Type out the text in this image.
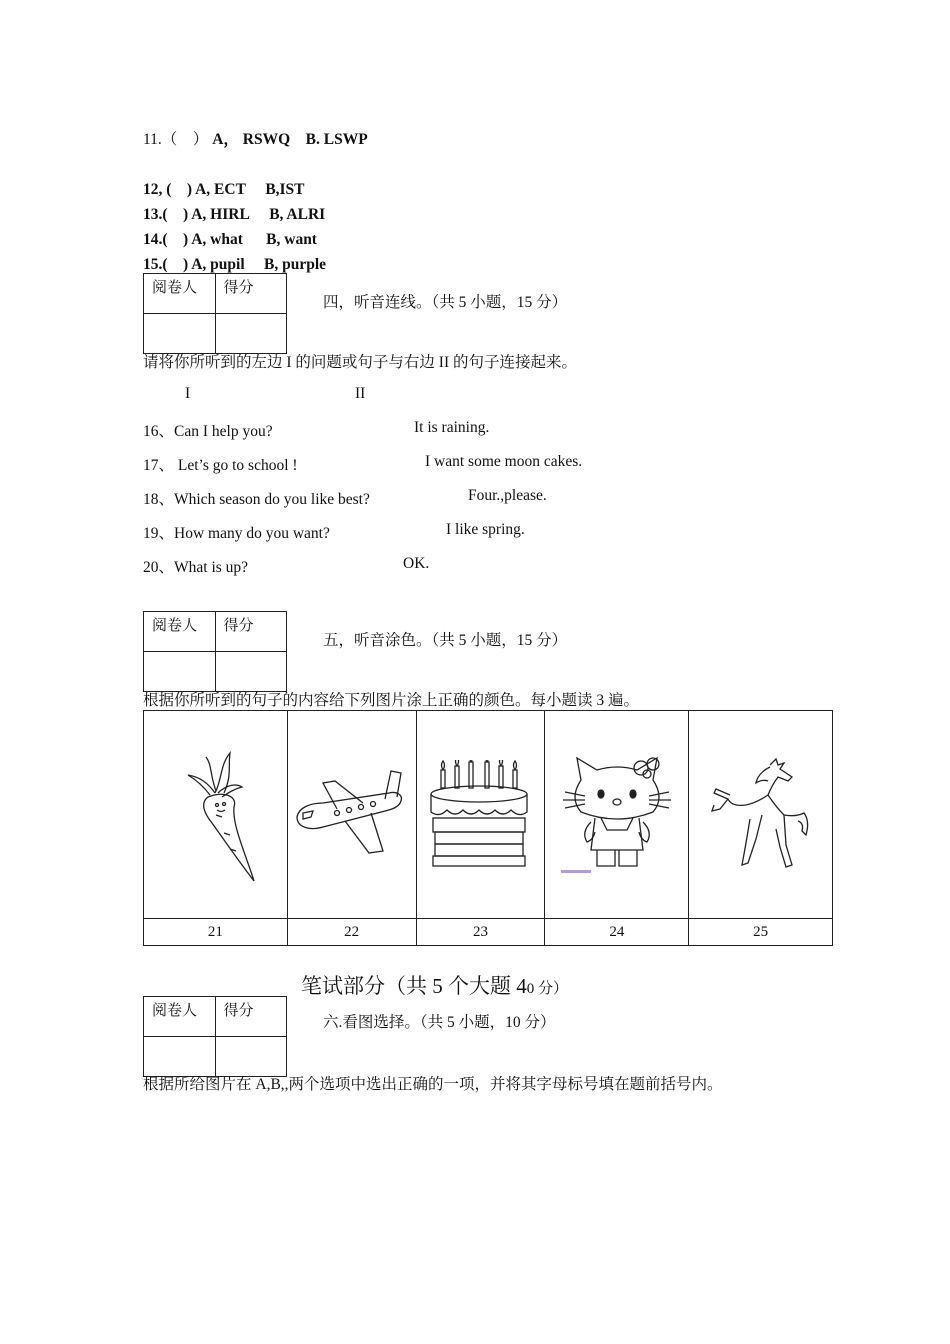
11.（　） A， RSWQ B. LSWP
12, (　) A, ECT B,IST
13.(　) A, HIRL B, ALRI
14.(　) A, what B, want
15.(　) A, pupil B, purple
阅卷人	得分

四，听音连线。（共 5 小题，15 分）
请将你所听到的左边 I 的问题或句子与右边 II 的句子连接起来。
I	II
16、Can I help you?	It is raining.
17、 Let’s go to school !	I want some moon cakes.
18、Which season do you like best?	Four.,please.
19、How many do you want?	I like spring.
20、What is up?	OK.
阅卷人	得分

五，听音涂色。（共 5 小题，15 分）
根据你所听到的句子的内容给下列图片涂上正确的颜色。每小题读 3 遍。

21	22	23	24	25
笔试部分（共 5 个大题 40 分）
阅卷人	得分

六.看图选择。（共 5 小题，10 分）
根据所给图片在 A,B,,两个选项中选出正确的一项，并将其字母标号填在题前括号内。
